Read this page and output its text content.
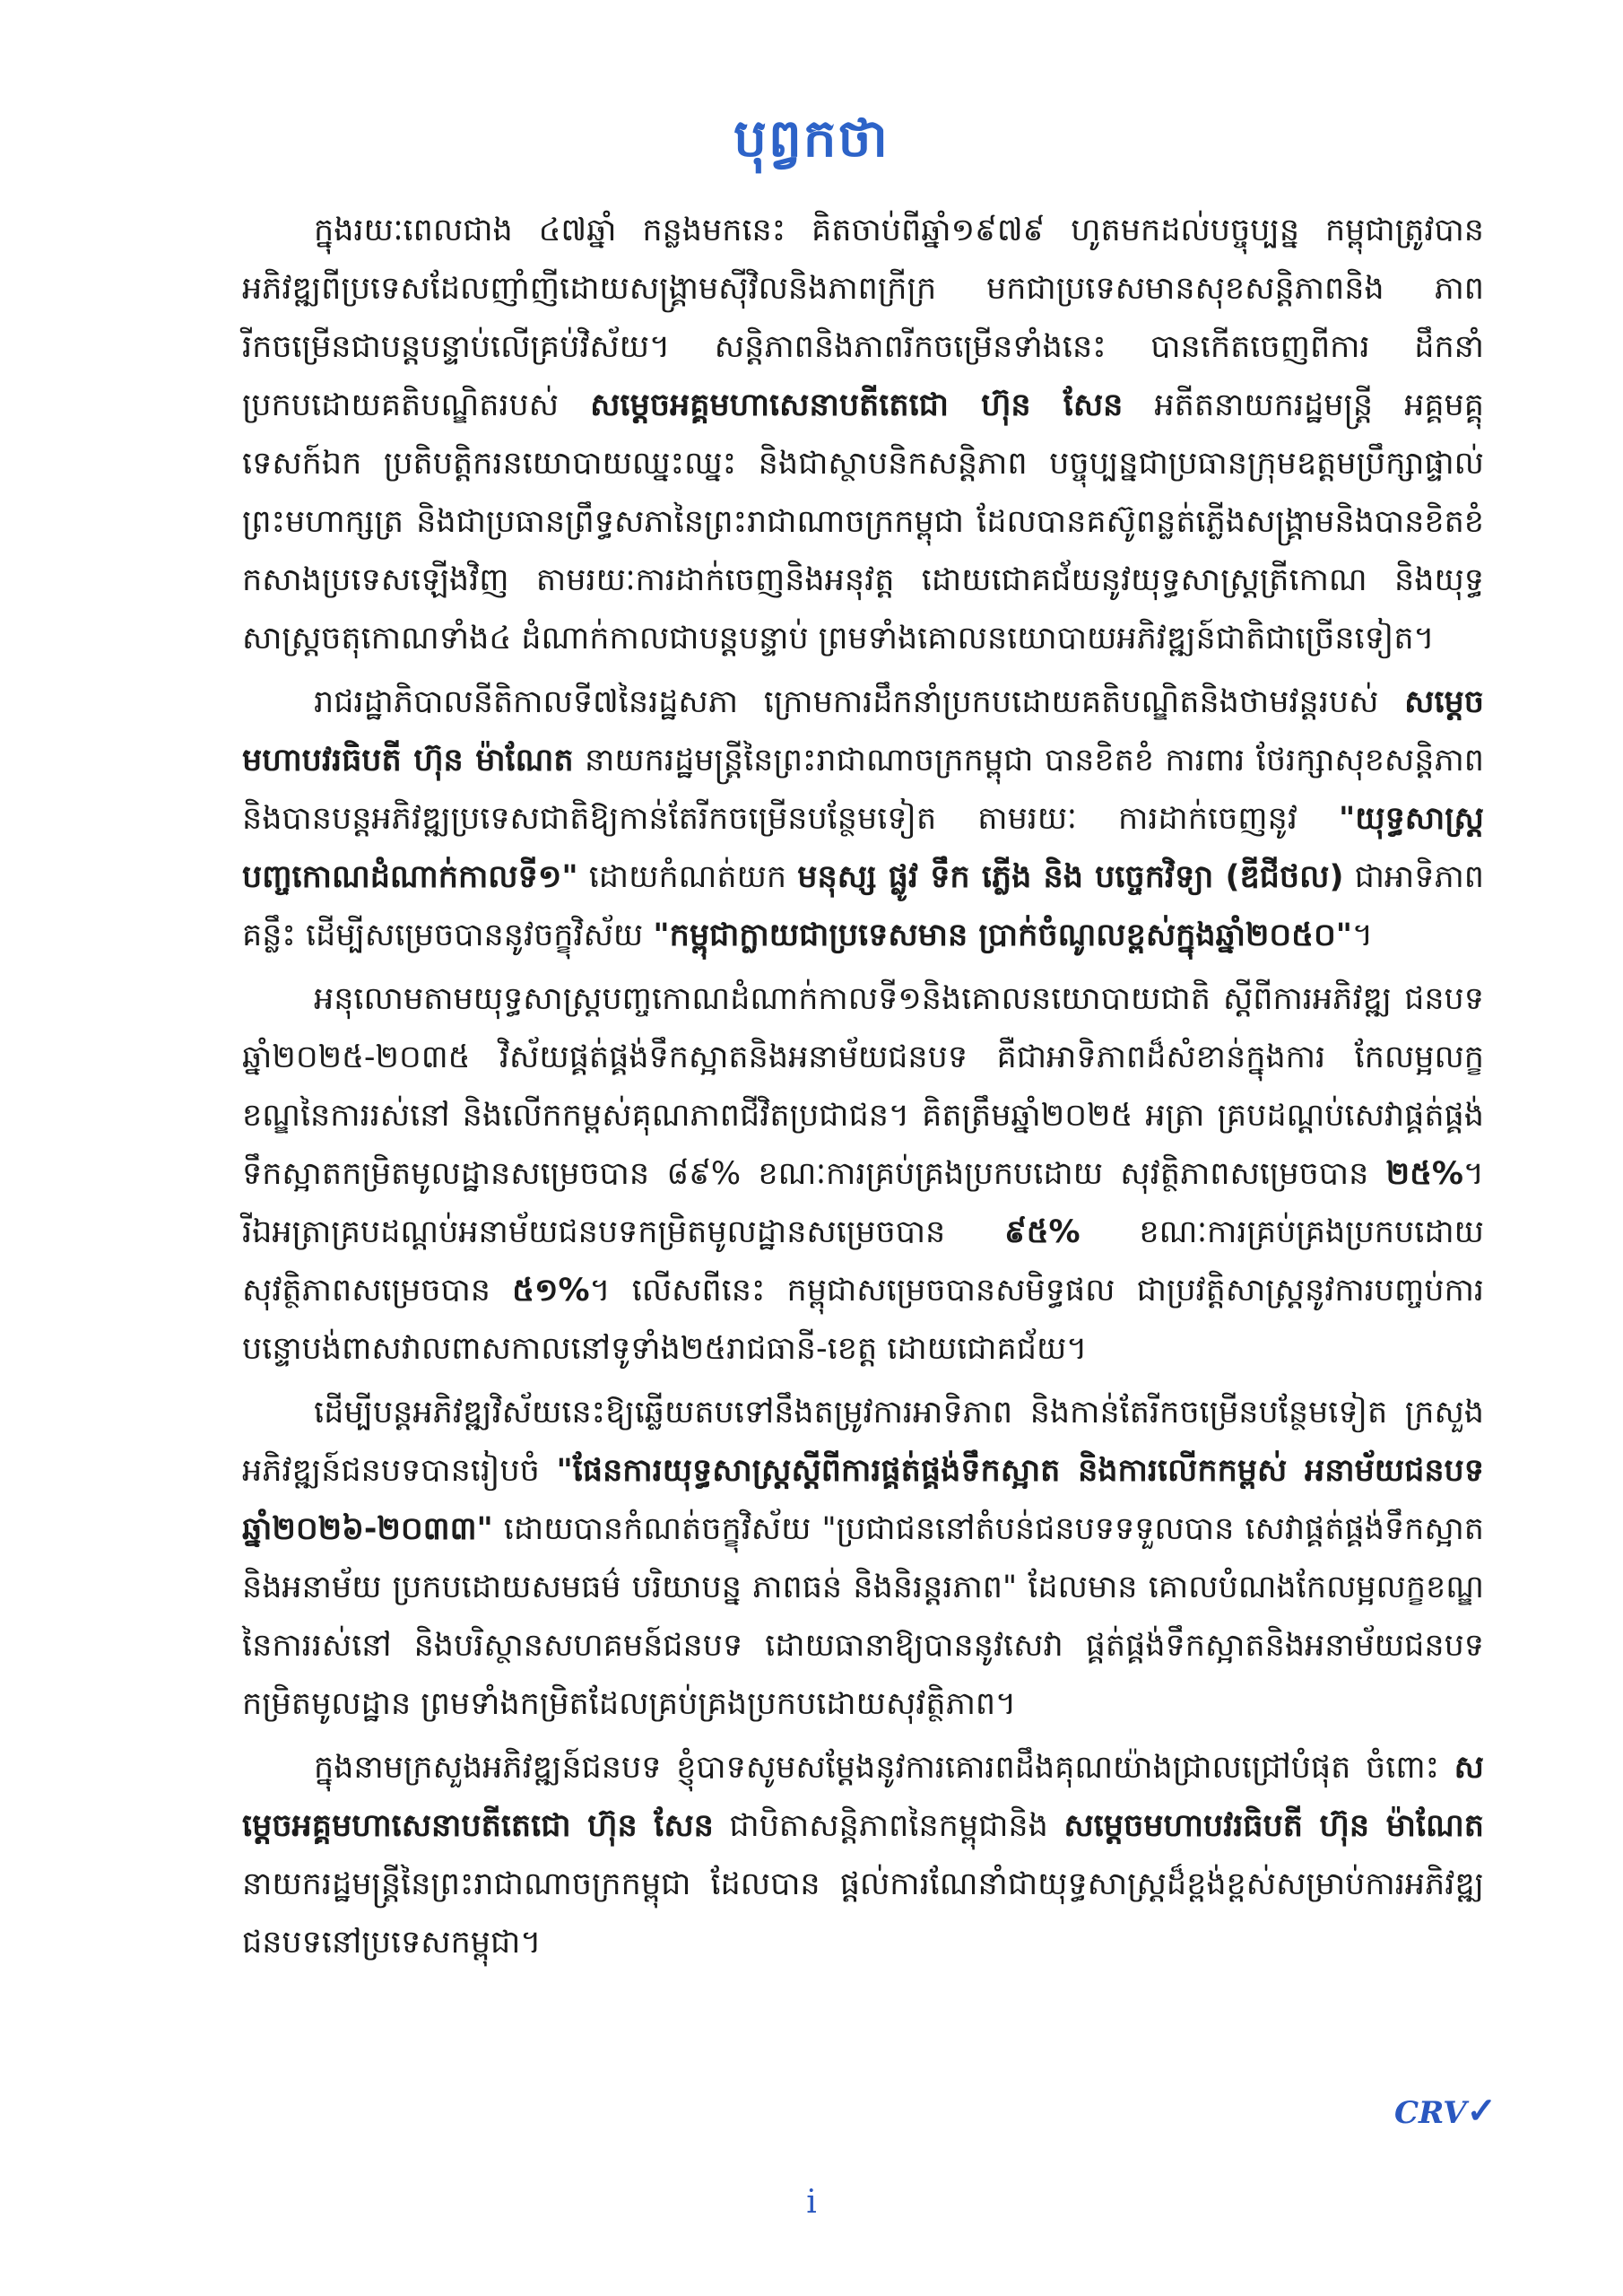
បុព្វកថា

ក្នុងរយៈពេលជាង ៤៧ឆ្នាំ កន្លងមកនេះ គិតចាប់ពីឆ្នាំ១៩៧៩ ហូតមកដល់បច្ចុប្បន្ន កម្ពុជាត្រូវបាន អភិវឌ្ឍពីប្រទេសដែលញាំញីដោយសង្គ្រាមស៊ីវិលនិងភាពក្រីក្រ មកជាប្រទេសមានសុខសន្តិភាពនិង ភាពរីកចម្រើនជាបន្តបន្ទាប់លើគ្រប់វិស័យ។ សន្តិភាពនិងភាពរីកចម្រើនទាំងនេះ បានកើតចេញពីការ ដឹកនាំប្រកបដោយគតិបណ្ឌិតរបស់ សម្តេចអគ្គមហាសេនាបតីតេជោ ហ៊ុន សែន អតីតនាយករដ្ឋមន្ត្រី អគ្គមគ្គុទេសក៍ឯក ប្រតិបត្តិករនយោបាយឈ្នះឈ្នះ និងជាស្ថាបនិកសន្តិភាព បច្ចុប្បន្នជាប្រធានក្រុមឧត្តមប្រឹក្សាផ្ទាល់ព្រះមហាក្សត្រ និងជាប្រធានព្រឹទ្ធសភានៃព្រះរាជាណាចក្រកម្ពុជា ដែលបានគស៊ូពន្លត់ភ្លើងសង្គ្រាមនិងបានខិតខំកសាងប្រទេសឡើងវិញ តាមរយៈការដាក់ចេញនិងអនុវត្ត ដោយជោគជ័យនូវយុទ្ធសាស្ត្រត្រីកោណ និងយុទ្ធសាស្ត្រចតុកោណទាំង៤ ដំណាក់កាលជាបន្តបន្ទាប់ ព្រមទាំងគោលនយោបាយអភិវឌ្ឍន៍ជាតិជាច្រើនទៀត។

រាជរដ្ឋាភិបាលនីតិកាលទី៧នៃរដ្ឋសភា ក្រោមការដឹកនាំប្រកបដោយគតិបណ្ឌិតនិងថាមវន្តរបស់ សម្តេចមហាបវរធិបតី ហ៊ុន ម៉ាណែត នាយករដ្ឋមន្ត្រីនៃព្រះរាជាណាចក្រកម្ពុជា បានខិតខំ ការពារ ថែរក្សាសុខសន្តិភាព និងបានបន្តអភិវឌ្ឍប្រទេសជាតិឱ្យកាន់តែរីកចម្រើនបន្ថែមទៀត តាមរយៈ ការដាក់ចេញនូវ "យុទ្ធសាស្ត្របញ្ចកោណដំណាក់កាលទី១" ដោយកំណត់យក មនុស្ស ផ្លូវ ទឹក ភ្លើង និង បច្ចេកវិទ្យា (ឌីជីថល) ជាអាទិភាពគន្លឹះ ដើម្បីសម្រេចបាននូវចក្ខុវិស័យ "កម្ពុជាក្លាយជាប្រទេសមាន ប្រាក់ចំណូលខ្ពស់ក្នុងឆ្នាំ២០៥០"។

អនុលោមតាមយុទ្ធសាស្ត្របញ្ចកោណដំណាក់កាលទី១និងគោលនយោបាយជាតិ ស្តីពីការអភិវឌ្ឍ ជនបទឆ្នាំ២០២៥-២០៣៥ វិស័យផ្គត់ផ្គង់ទឹកស្អាតនិងអនាម័យជនបទ គឺជាអាទិភាពដ៏សំខាន់ក្នុងការ កែលម្អលក្ខខណ្ឌនៃការរស់នៅ និងលើកកម្ពស់គុណភាពជីវិតប្រជាជន។ គិតត្រឹមឆ្នាំ២០២៥ អត្រា គ្របដណ្តប់សេវាផ្គត់ផ្គង់ទឹកស្អាតកម្រិតមូលដ្ឋានសម្រេចបាន ៨៩% ខណៈការគ្រប់គ្រងប្រកបដោយ សុវត្ថិភាពសម្រេចបាន ២៥%។ រីឯអត្រាគ្របដណ្តប់អនាម័យជនបទកម្រិតមូលដ្ឋានសម្រេចបាន ៩៥% ខណៈការគ្រប់គ្រងប្រកបដោយសុវត្ថិភាពសម្រេចបាន ៥១%។ លើសពីនេះ កម្ពុជាសម្រេចបានសមិទ្ធផល ជាប្រវត្តិសាស្ត្រនូវការបញ្ចប់ការបន្ទោបង់ពាសវាលពាសកាលនៅទូទាំង២៥រាជធានី-ខេត្ត ដោយជោគជ័យ។

ដើម្បីបន្តអភិវឌ្ឍវិស័យនេះឱ្យឆ្លើយតបទៅនឹងតម្រូវការអាទិភាព និងកាន់តែរីកចម្រើនបន្ថែមទៀត ក្រសួងអភិវឌ្ឍន៍ជនបទបានរៀបចំ "ផែនការយុទ្ធសាស្ត្រស្តីពីការផ្គត់ផ្គង់ទឹកស្អាត និងការលើកកម្ពស់ អនាម័យជនបទ ឆ្នាំ២០២៦-២០៣៣" ដោយបានកំណត់ចក្ខុវិស័យ "ប្រជាជននៅតំបន់ជនបទទទួលបាន សេវាផ្គត់ផ្គង់ទឹកស្អាត និងអនាម័យ ប្រកបដោយសមធម៌ បរិយាបន្ន ភាពធន់ និងនិរន្តរភាព" ដែលមាន គោលបំណងកែលម្អលក្ខខណ្ឌនៃការរស់នៅ និងបរិស្ថានសហគមន៍ជនបទ ដោយធានាឱ្យបាននូវសេវា ផ្គត់ផ្គង់ទឹកស្អាតនិងអនាម័យជនបទកម្រិតមូលដ្ឋាន ព្រមទាំងកម្រិតដែលគ្រប់គ្រងប្រកបដោយសុវត្ថិភាព។

ក្នុងនាមក្រសួងអភិវឌ្ឍន៍ជនបទ ខ្ញុំបាទសូមសម្តែងនូវការគោរពដឹងគុណយ៉ាងជ្រាលជ្រៅបំផុត ចំពោះ សម្តេចអគ្គមហាសេនាបតីតេជោ ហ៊ុន សែន ជាបិតាសន្តិភាពនៃកម្ពុជានិង សម្តេចមហាបវរធិបតី ហ៊ុន ម៉ាណែត នាយករដ្ឋមន្ត្រីនៃព្រះរាជាណាចក្រកម្ពុជា ដែលបាន ផ្តល់ការណែនាំជាយុទ្ធសាស្ត្រដ៏ខ្ពង់ខ្ពស់សម្រាប់ការអភិវឌ្ឍជនបទនៅប្រទេសកម្ពុជា។

CRV✓
i
